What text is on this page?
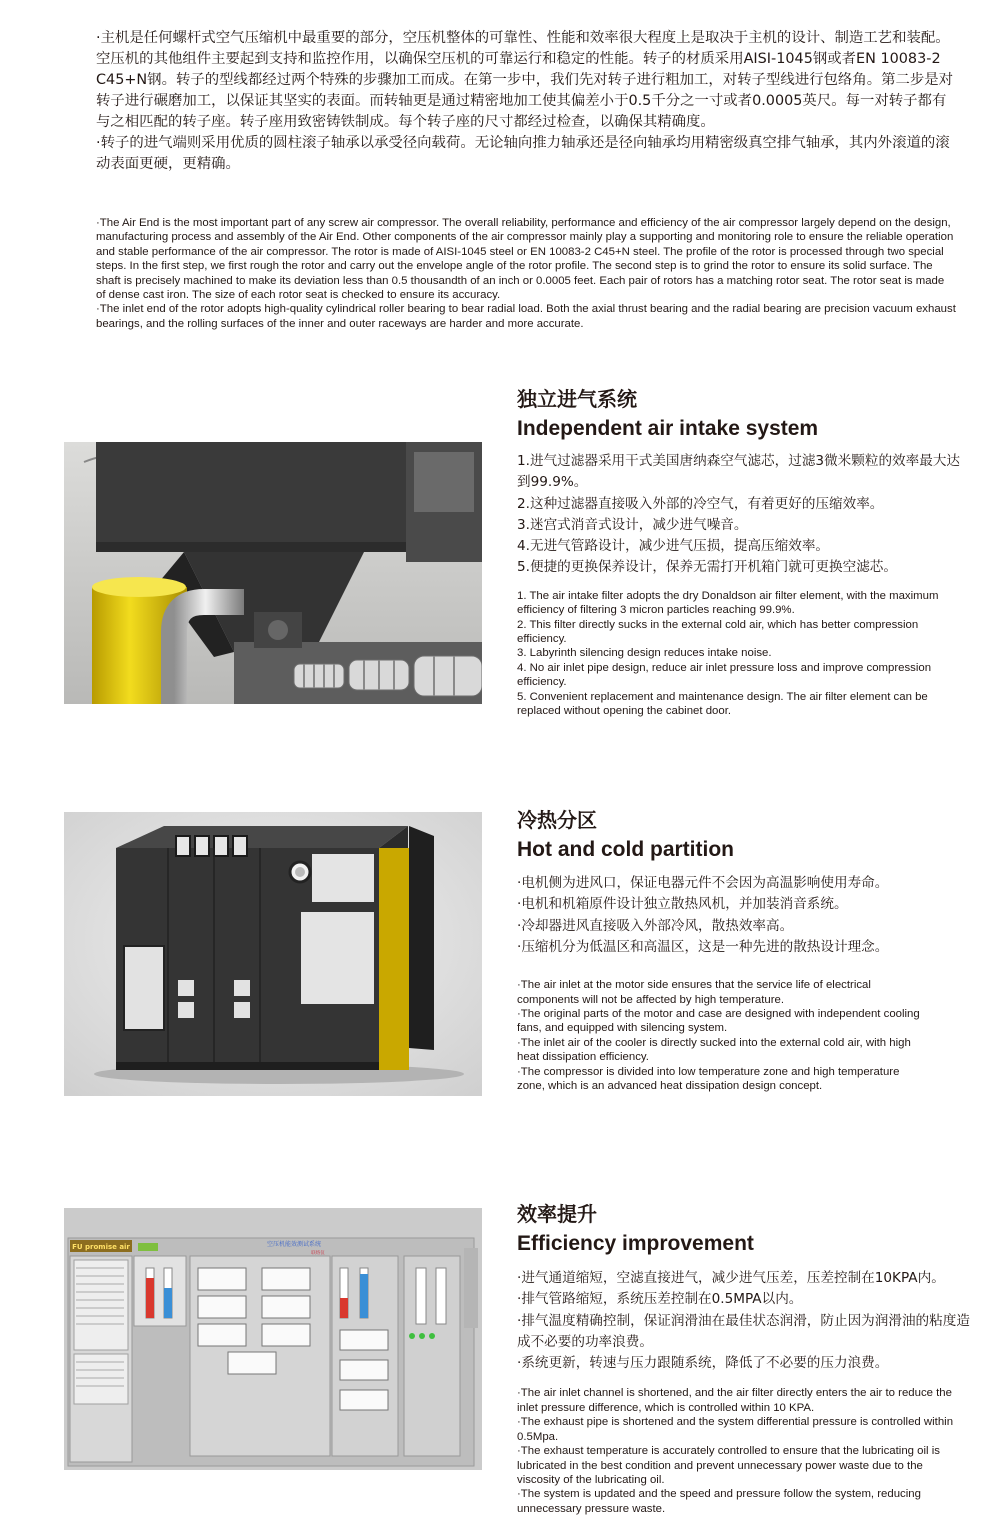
·主机是任何螺杆式空气压缩机中最重要的部分，空压机整体的可靠性、性能和效率很大程度上是取决于主机的设计、制造工艺和装配。空压机的其他组件主要起到支持和监控作用，以确保空压机的可靠运行和稳定的性能。转子的材质采用AISI-1045钢或者EN 10083-2 C45+N钢。转子的型线都经过两个特殊的步骤加工而成。在第一步中，我们先对转子进行粗加工，对转子型线进行包络角。第二步是对转子进行碾磨加工，以保证其坚实的表面。而转轴更是通过精密地加工使其偏差小于0.5千分之一寸或者0.0005英尺。每一对转子都有与之相匹配的转子座。转子座用致密铸铁制成。每个转子座的尺寸都经过检查，以确保其精确度。

·转子的进气端则采用优质的圆柱滚子轴承以承受径向载荷。无论轴向推力轴承还是径向轴承均用精密级真空排气轴承，其内外滚道的滚动表面更硬，更精确。

·The Air End is the most important part of any screw air compressor. The overall reliability, performance and efficiency of the air compressor largely depend on the design, manufacturing process and assembly of the Air End. Other components of the air compressor mainly play a supporting and monitoring role to ensure the reliable operation and stable performance of the air compressor. The rotor is made of AISI-1045 steel or EN 10083-2 C45+N steel. The profile of the rotor is processed through two special steps. In the first step, we first rough the rotor and carry out the envelope angle of the rotor profile. The second step is to grind the rotor to ensure its solid surface. The shaft is precisely machined to make its deviation less than 0.5 thousandth of an inch or 0.0005 feet. Each pair of rotors has a matching rotor seat. The rotor seat is made of dense cast iron. The size of each rotor seat is checked to ensure its accuracy.

·The inlet end of the rotor adopts high-quality cylindrical roller bearing to bear radial load. Both the axial thrust bearing and the radial bearing are precision vacuum exhaust bearings, and the rolling surfaces of the inner and outer raceways are harder and more accurate.

独立进气系统
Independent air intake system
1.进气过滤器采用干式美国唐纳森空气滤芯，过滤3微米颗粒的效率最大达到99.9%。
2.这种过滤器直接吸入外部的冷空气，有着更好的压缩效率。
3.迷宫式消音式设计，减少进气噪音。
4.无进气管路设计，减少进气压损，提高压缩效率。
5.便捷的更换保养设计，保养无需打开机箱门就可更换空滤芯。
1. The air intake filter adopts the dry Donaldson air filter element, with the maximum efficiency of filtering 3 micron particles reaching 99.9%.
2. This filter directly sucks in the external cold air, which has better compression efficiency.
3. Labyrinth silencing design reduces intake noise.
4. No air inlet pipe design, reduce air inlet pressure loss and improve compression efficiency.
5. Convenient replacement and maintenance design. The air filter element can be replaced without opening the cabinet door.
冷热分区
Hot and cold partition
·电机侧为进风口，保证电器元件不会因为高温影响使用寿命。
·电机和机箱原件设计独立散热风机，并加装消音系统。
·冷却器进风直接吸入外部冷风，散热效率高。
·压缩机分为低温区和高温区，这是一种先进的散热设计理念。
·The air inlet at the motor side ensures that the service life of electrical components will not be affected by high temperature.
·The original parts of the motor and case are designed with independent cooling fans, and equipped with silencing system.
·The inlet air of the cooler is directly sucked into the external cold air, with high heat dissipation efficiency.
·The compressor is divided into low temperature zone and high temperature zone, which is an advanced heat dissipation design concept.
FU promise air	空压机能效测试系统
联络仪
效率提升
Efficiency improvement
·进气通道缩短，空滤直接进气，减少进气压差，压差控制在10KPA内。
·排气管路缩短，系统压差控制在0.5MPA以内。
·排气温度精确控制，保证润滑油在最佳状态润滑，防止因为润滑油的粘度造成不必要的功率浪费。
·系统更新，转速与压力跟随系统，降低了不必要的压力浪费。
·The air inlet channel is shortened, and the air filter directly enters the air to reduce the inlet pressure difference, which is controlled within 10 KPA.
·The exhaust pipe is shortened and the system differential pressure is controlled within 0.5Mpa.
·The exhaust temperature is accurately controlled to ensure that the lubricating oil is lubricated in the best condition and prevent unnecessary power waste due to the viscosity of the lubricating oil.
·The system is updated and the speed and pressure follow the system, reducing unnecessary pressure waste.
